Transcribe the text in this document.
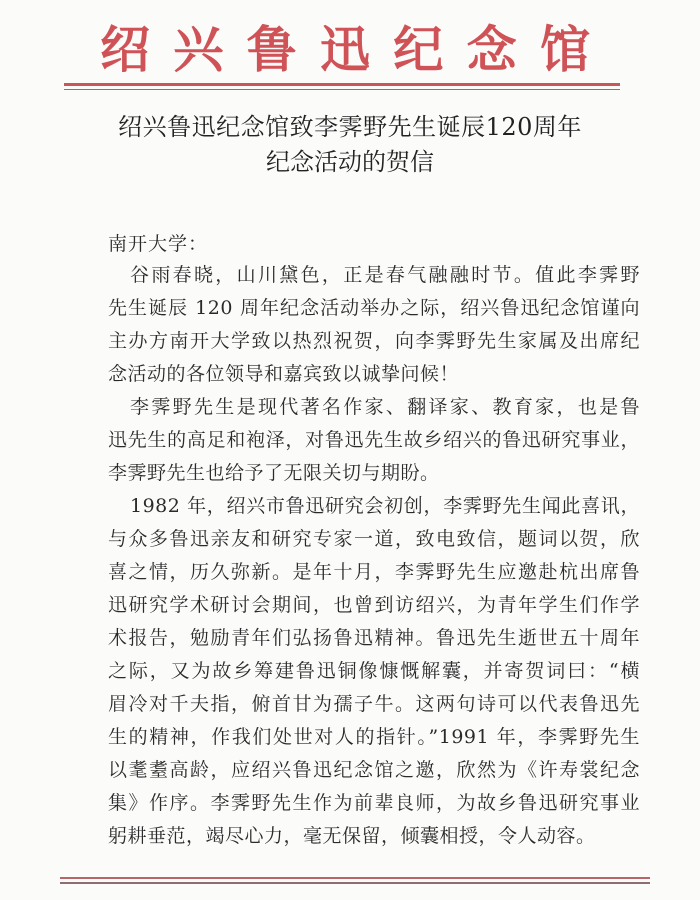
绍 兴 鲁 迅 纪 念 馆
绍兴鲁迅纪念馆致李霁野先生诞辰120周年
纪念活动的贺信
南开大学：
谷雨春晓，山川黛色，正是春气融融时节。值此李霁野
先生诞辰 120 周年纪念活动举办之际，绍兴鲁迅纪念馆谨向
主办方南开大学致以热烈祝贺，向李霁野先生家属及出席纪
念活动的各位领导和嘉宾致以诚挚问候！
李霁野先生是现代著名作家、翻译家、教育家，也是鲁
迅先生的高足和袍泽，对鲁迅先生故乡绍兴的鲁迅研究事业，
李霁野先生也给予了无限关切与期盼。
1982 年，绍兴市鲁迅研究会初创，李霁野先生闻此喜讯，
与众多鲁迅亲友和研究专家一道，致电致信，题词以贺，欣
喜之情，历久弥新。是年十月，李霁野先生应邀赴杭出席鲁
迅研究学术研讨会期间，也曾到访绍兴，为青年学生们作学
术报告，勉励青年们弘扬鲁迅精神。鲁迅先生逝世五十周年
之际，又为故乡筹建鲁迅铜像慷慨解囊，并寄贺词曰：“横
眉冷对千夫指，俯首甘为孺子牛。这两句诗可以代表鲁迅先
生的精神，作我们处世对人的指针。”1991 年，李霁野先生
以耄耋高龄，应绍兴鲁迅纪念馆之邀，欣然为《许寿裳纪念
集》作序。李霁野先生作为前辈良师，为故乡鲁迅研究事业
躬耕垂范，竭尽心力，毫无保留，倾囊相授，令人动容。
